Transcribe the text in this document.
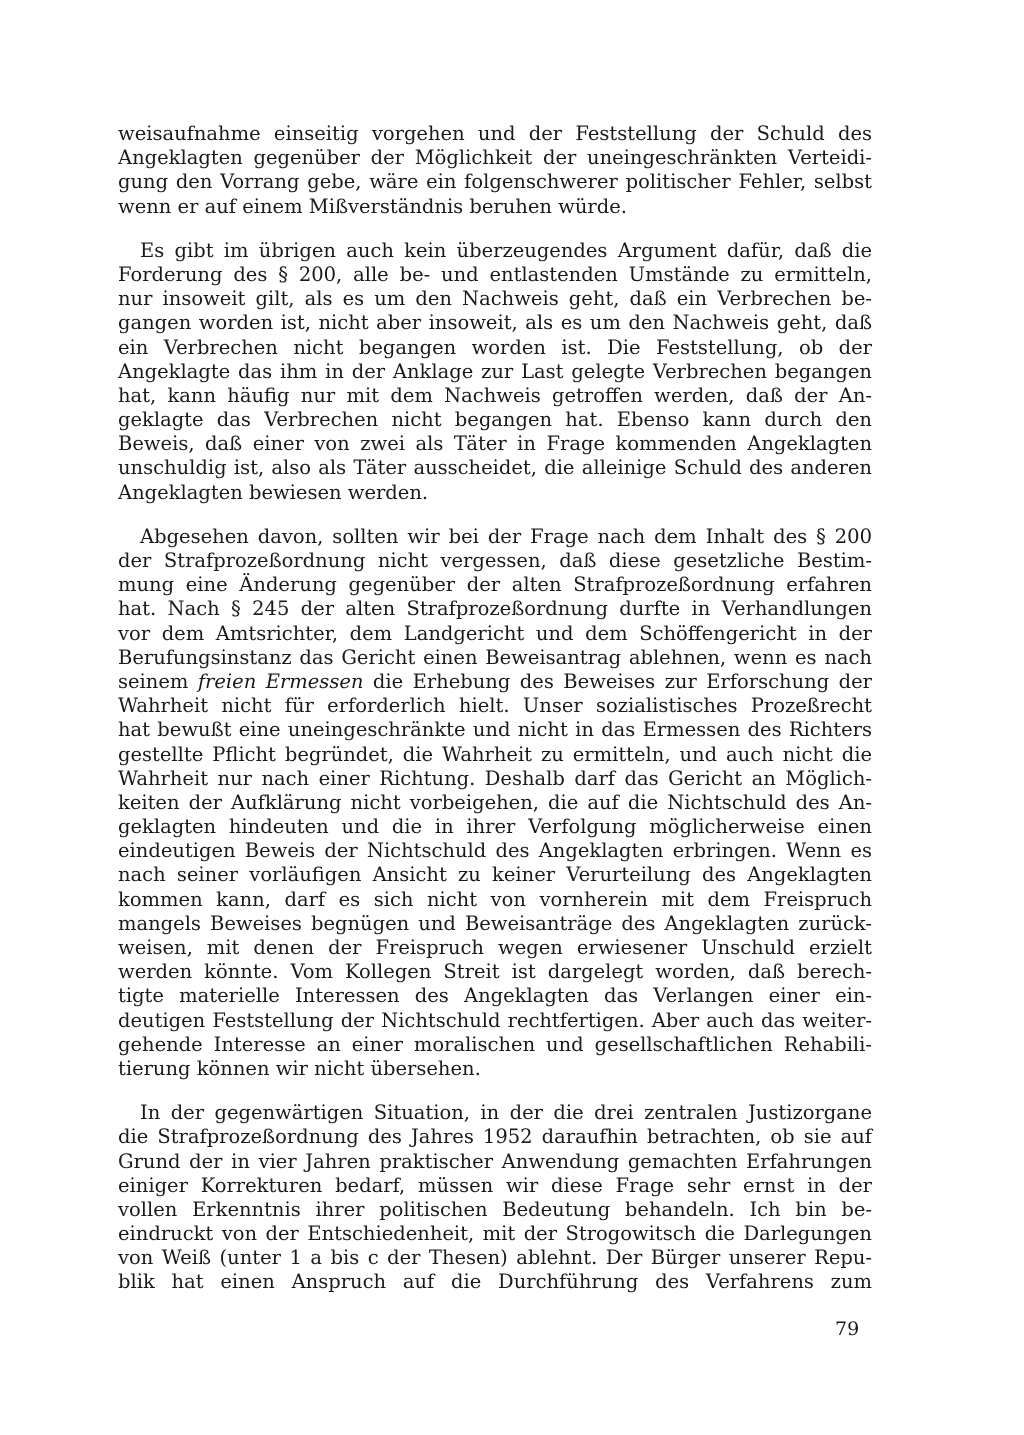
weisaufnahme einseitig vorgehen und der Feststellung der Schuld des
Angeklagten gegenüber der Möglichkeit der uneingeschränkten Verteidi-
gung den Vorrang gebe, wäre ein folgenschwerer politischer Fehler, selbst
wenn er auf einem Mißverständnis beruhen würde.
Es gibt im übrigen auch kein überzeugendes Argument dafür, daß die
Forderung des § 200, alle be- und entlastenden Umstände zu ermitteln,
nur insoweit gilt, als es um den Nachweis geht, daß ein Verbrechen be-
gangen worden ist, nicht aber insoweit, als es um den Nachweis geht, daß
ein Verbrechen nicht begangen worden ist. Die Feststellung, ob der
Angeklagte das ihm in der Anklage zur Last gelegte Verbrechen begangen
hat, kann häufig nur mit dem Nachweis getroffen werden, daß der An-
geklagte das Verbrechen nicht begangen hat. Ebenso kann durch den
Beweis, daß einer von zwei als Täter in Frage kommenden Angeklagten
unschuldig ist, also als Täter ausscheidet, die alleinige Schuld des anderen
Angeklagten bewiesen werden.
Abgesehen davon, sollten wir bei der Frage nach dem Inhalt des § 200
der Strafprozeßordnung nicht vergessen, daß diese gesetzliche Bestim-
mung eine Änderung gegenüber der alten Strafprozeßordnung erfahren
hat. Nach § 245 der alten Strafprozeßordnung durfte in Verhandlungen
vor dem Amtsrichter, dem Landgericht und dem Schöffengericht in der
Berufungsinstanz das Gericht einen Beweisantrag ablehnen, wenn es nach
seinem freien Ermessen die Erhebung des Beweises zur Erforschung der
Wahrheit nicht für erforderlich hielt. Unser sozialistisches Prozeßrecht
hat bewußt eine uneingeschränkte und nicht in das Ermessen des Richters
gestellte Pflicht begründet, die Wahrheit zu ermitteln, und auch nicht die
Wahrheit nur nach einer Richtung. Deshalb darf das Gericht an Möglich-
keiten der Aufklärung nicht vorbeigehen, die auf die Nichtschuld des An-
geklagten hindeuten und die in ihrer Verfolgung möglicherweise einen
eindeutigen Beweis der Nichtschuld des Angeklagten erbringen. Wenn es
nach seiner vorläufigen Ansicht zu keiner Verurteilung des Angeklagten
kommen kann, darf es sich nicht von vornherein mit dem Freispruch
mangels Beweises begnügen und Beweisanträge des Angeklagten zurück-
weisen, mit denen der Freispruch wegen erwiesener Unschuld erzielt
werden könnte. Vom Kollegen Streit ist dargelegt worden, daß berech-
tigte materielle Interessen des Angeklagten das Verlangen einer ein-
deutigen Feststellung der Nichtschuld rechtfertigen. Aber auch das weiter-
gehende Interesse an einer moralischen und gesellschaftlichen Rehabili-
tierung können wir nicht übersehen.
In der gegenwärtigen Situation, in der die drei zentralen Justizorgane
die Strafprozeßordnung des Jahres 1952 daraufhin betrachten, ob sie auf
Grund der in vier Jahren praktischer Anwendung gemachten Erfahrungen
einiger Korrekturen bedarf, müssen wir diese Frage sehr ernst in der
vollen Erkenntnis ihrer politischen Bedeutung behandeln. Ich bin be-
eindruckt von der Entschiedenheit, mit der Strogowitsch die Darlegungen
von Weiß (unter 1 a bis c der Thesen) ablehnt. Der Bürger unserer Repu-
blik hat einen Anspruch auf die Durchführung des Verfahrens zum
79
